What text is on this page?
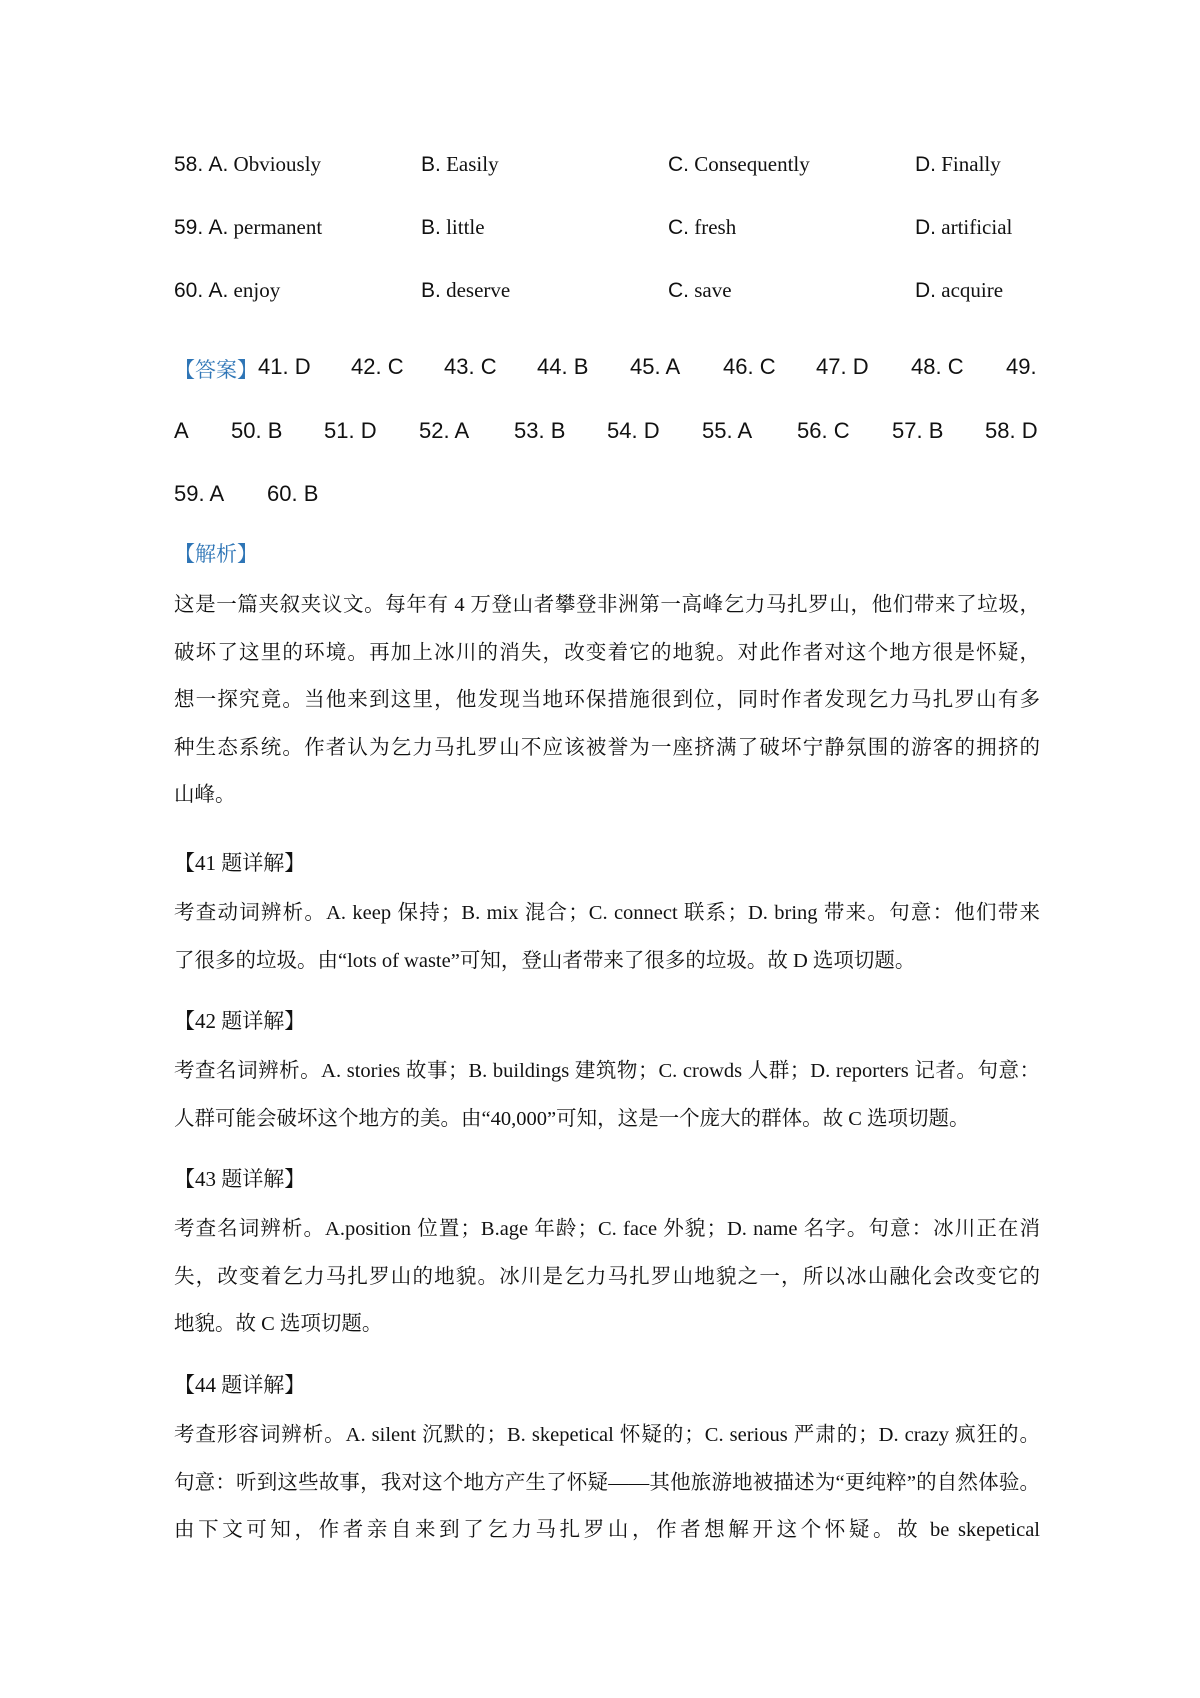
58. A. Obviously	B. Easily	C. Consequently	D. Finally
59. A. permanent	B. little	C. fresh	D. artificial
60. A. enjoy	B. deserve	C. save	D. acquire
【答案】 41. D 42. C 43. C 44. B 45. A 46. C 47. D 48. C 49.
A 50. B 51. D 52. A 53. B 54. D 55. A 56. C 57. B 58. D
59. A 60. B
【解析】
这是一篇夹叙夹议文。每年有 4 万登山者攀登非洲第一高峰乞力马扎罗山，他们带来了垃圾，
破坏了这里的环境。再加上冰川的消失，改变着它的地貌。对此作者对这个地方很是怀疑，
想一探究竟。当他来到这里，他发现当地环保措施很到位，同时作者发现乞力马扎罗山有多
种生态系统。作者认为乞力马扎罗山不应该被誉为一座挤满了破坏宁静氛围的游客的拥挤的
山峰。
【41 题详解】
考查动词辨析。A. keep 保持；B. mix 混合；C. connect 联系；D. bring 带来。句意：他们带来
了很多的垃圾。由“lots of waste”可知，登山者带来了很多的垃圾。故 D 选项切题。
【42 题详解】
考查名词辨析。A. stories 故事；B. buildings 建筑物；C. crowds 人群；D. reporters 记者。句意：
人群可能会破坏这个地方的美。由“40,000”可知，这是一个庞大的群体。故 C 选项切题。
【43 题详解】
考查名词辨析。A.position 位置；B.age 年龄；C. face 外貌；D. name 名字。句意：冰川正在消
失，改变着乞力马扎罗山的地貌。冰川是乞力马扎罗山地貌之一，所以冰山融化会改变它的
地貌。故 C 选项切题。
【44 题详解】
考查形容词辨析。A. silent 沉默的；B. skepetical 怀疑的；C. serious 严肃的；D. crazy 疯狂的。
句意：听到这些故事，我对这个地方产生了怀疑——其他旅游地被描述为“更纯粹”的自然体验。
由下文可知，作者亲自来到了乞力马扎罗山，作者想解开这个怀疑。故 be skepetical
